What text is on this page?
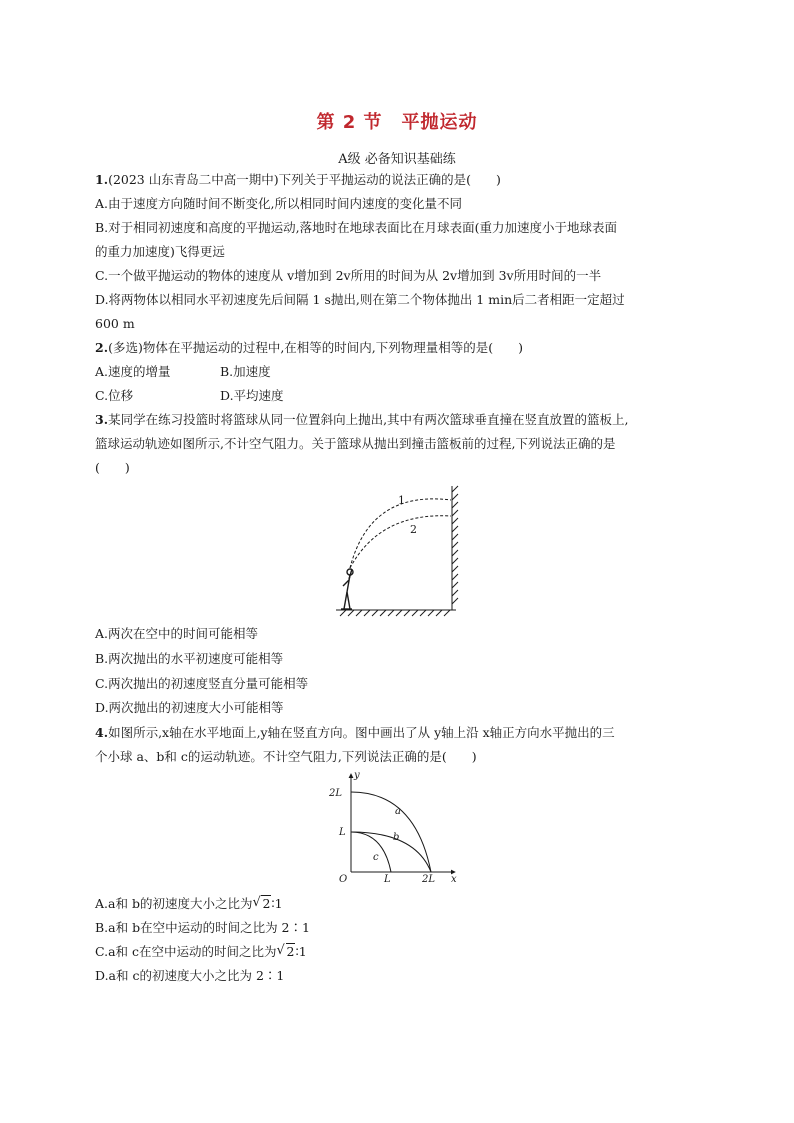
第 2 节　平抛运动
A级 必备知识基础练
1.(2023 山东青岛二中高一期中)下列关于平抛运动的说法正确的是(　　)
A.由于速度方向随时间不断变化,所以相同时间内速度的变化量不同
B.对于相同初速度和高度的平抛运动,落地时在地球表面比在月球表面(重力加速度小于地球表面
的重力加速度)飞得更远
C.一个做平抛运动的物体的速度从 v增加到 2v所用的时间为从 2v增加到 3v所用时间的一半
D.将两物体以相同水平初速度先后间隔 1 s抛出,则在第二个物体抛出 1 min后二者相距一定超过
600 m
2.(多选)物体在平抛运动的过程中,在相等的时间内,下列物理量相等的是(　　)
A.速度的增量	B.加速度
C.位移	D.平均速度
3.某同学在练习投篮时将篮球从同一位置斜向上抛出,其中有两次篮球垂直撞在竖直放置的篮板上,
篮球运动轨迹如图所示,不计空气阻力。关于篮球从抛出到撞击篮板前的过程,下列说法正确的是
(　　)
1
2
A.两次在空中的时间可能相等
B.两次抛出的水平初速度可能相等
C.两次抛出的初速度竖直分量可能相等
D.两次抛出的初速度大小可能相等
4.如图所示,x轴在水平地面上,y轴在竖直方向。图中画出了从 y轴上沿 x轴正方向水平抛出的三
个小球 a、b和 c的运动轨迹。不计空气阻力,下列说法正确的是(　　)
y
x
O
2L
L
L	2L
a
b
c
A.a和 b的初速度大小之比为 √ 2∶1
B.a和 b在空中运动的时间之比为 2∶1
C.a和 c在空中运动的时间之比为 √ 2∶1
D.a和 c的初速度大小之比为 2∶1
